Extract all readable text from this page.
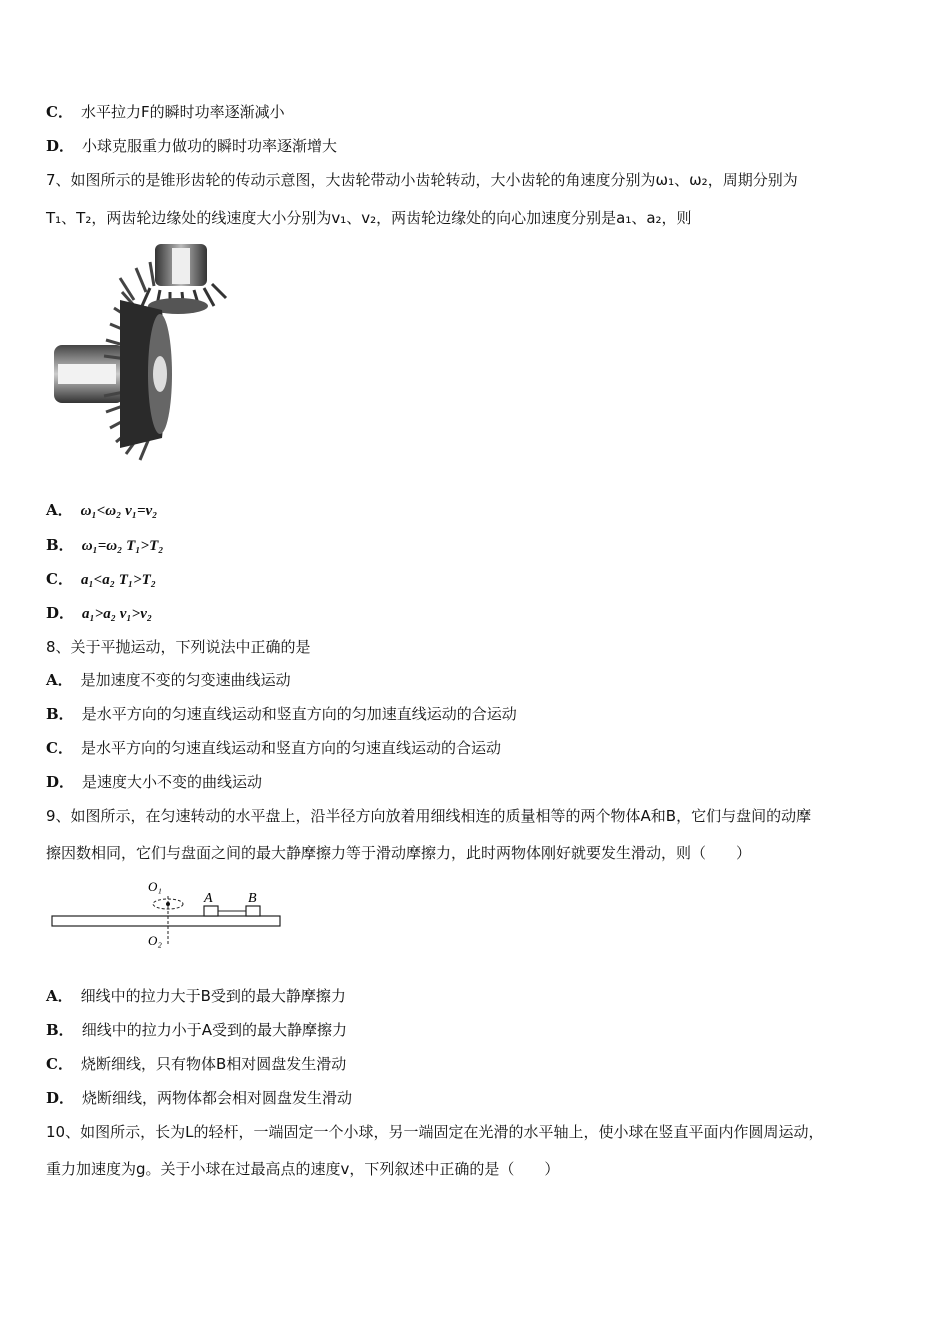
C． 水平拉力F的瞬时功率逐渐减小
D． 小球克服重力做功的瞬时功率逐渐增大
7、如图所示的是锥形齿轮的传动示意图，大齿轮带动小齿轮转动，大小齿轮的角速度分别为ω₁、ω₂，周期分别为
T₁、T₂，两齿轮边缘处的线速度大小分别为v₁、v₂，两齿轮边缘处的向心加速度分别是a₁、a₂，则
A． ω₁<ω₂ v₁=v₂
B． ω₁=ω₂ T₁>T₂
C． a₁<a₂ T₁>T₂
D． a₁>a₂ v₁>v₂
8、关于平抛运动，下列说法中正确的是
A． 是加速度不变的匀变速曲线运动
B． 是水平方向的匀速直线运动和竖直方向的匀加速直线运动的合运动
C． 是水平方向的匀速直线运动和竖直方向的匀速直线运动的合运动
D． 是速度大小不变的曲线运动
9、如图所示，在匀速转动的水平盘上，沿半径方向放着用细线相连的质量相等的两个物体A和B，它们与盘间的动摩
擦因数相同，它们与盘面之间的最大静摩擦力等于滑动摩擦力，此时两物体刚好就要发生滑动，则（　　）
O₁
O₂
A	B
A． 细线中的拉力大于B受到的最大静摩擦力
B． 细线中的拉力小于A受到的最大静摩擦力
C． 烧断细线，只有物体B相对圆盘发生滑动
D． 烧断细线，两物体都会相对圆盘发生滑动
10、如图所示，长为L的轻杆，一端固定一个小球，另一端固定在光滑的水平轴上，使小球在竖直平面内作圆周运动，
重力加速度为g。关于小球在过最高点的速度v，下列叙述中正确的是（　　）
